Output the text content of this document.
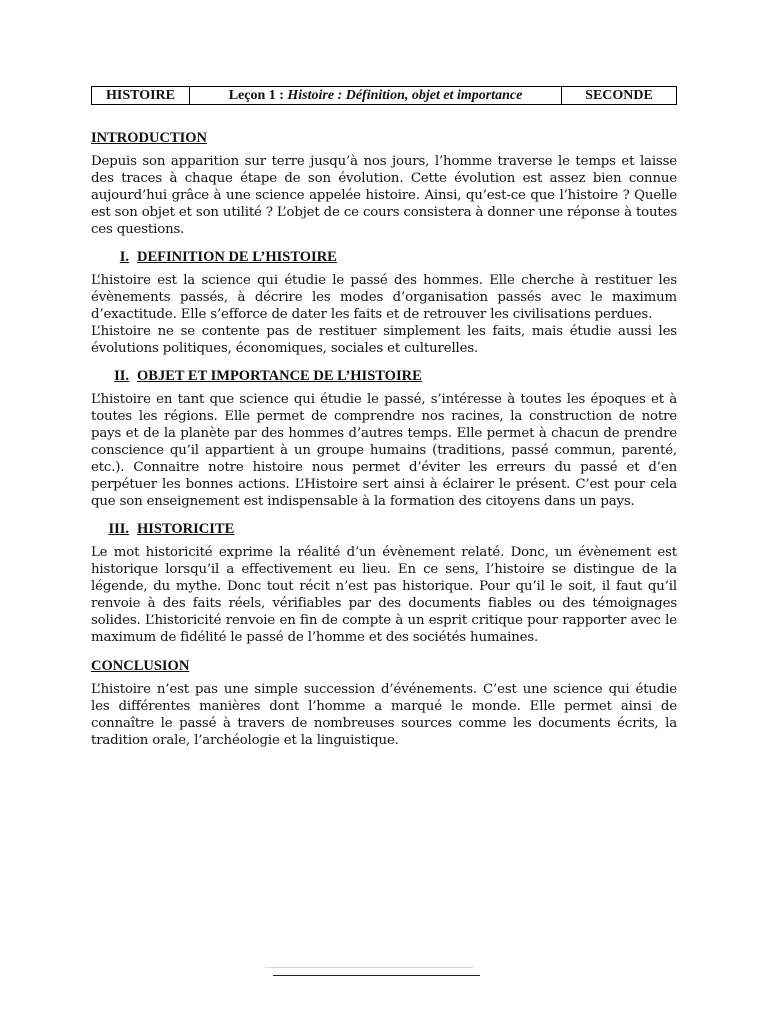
HISTOIRE	Leçon 1 : Histoire : Définition, objet et importance	SECONDE
INTRODUCTION

Depuis son apparition sur terre jusqu’à nos jours, l’homme traverse le temps et laisse des traces à chaque étape de son évolution. Cette évolution est assez bien connue aujourd’hui grâce à une science appelée histoire. Ainsi, qu’est-ce que l’histoire ? Quelle est son objet et son utilité ? L’objet de ce cours consistera à donner une réponse à toutes ces questions.

I. DEFINITION DE L’HISTOIRE

L’histoire est la science qui étudie le passé des hommes. Elle cherche à restituer les évènements passés, à décrire les modes d’organisation passés avec le maximum d’exactitude. Elle s’efforce de dater les faits et de retrouver les civilisations perdues.

L’histoire ne se contente pas de restituer simplement les faits, mais étudie aussi les évolutions politiques, économiques, sociales et culturelles.

II. OBJET ET IMPORTANCE DE L’HISTOIRE

L’histoire en tant que science qui étudie le passé, s’intéresse à toutes les époques et à toutes les régions. Elle permet de comprendre nos racines, la construction de notre pays et de la planète par des hommes d’autres temps. Elle permet à chacun de prendre conscience qu’il appartient à un groupe humains (traditions, passé commun, parenté, etc.). Connaitre notre histoire nous permet d’éviter les erreurs du passé et d’en perpétuer les bonnes actions. L’Histoire sert ainsi à éclairer le présent. C’est pour cela que son enseignement est indispensable à la formation des citoyens dans un pays.

III. HISTORICITE

Le mot historicité exprime la réalité d’un évènement relaté. Donc, un évènement est historique lorsqu’il a effectivement eu lieu. En ce sens, l’histoire se distingue de la légende, du mythe. Donc tout récit n’est pas historique. Pour qu’il le soit, il faut qu’il renvoie à des faits réels, vérifiables par des documents fiables ou des témoignages solides. L’historicité renvoie en fin de compte à un esprit critique pour rapporter avec le maximum de fidélité le passé de l’homme et des sociétés humaines.

CONCLUSION

L’histoire n’est pas une simple succession d’événements. C’est une science qui étudie les différentes manières dont l’homme a marqué le monde. Elle permet ainsi de connaître le passé à travers de nombreuses sources comme les documents écrits, la tradition orale, l’archéologie et la linguistique.
